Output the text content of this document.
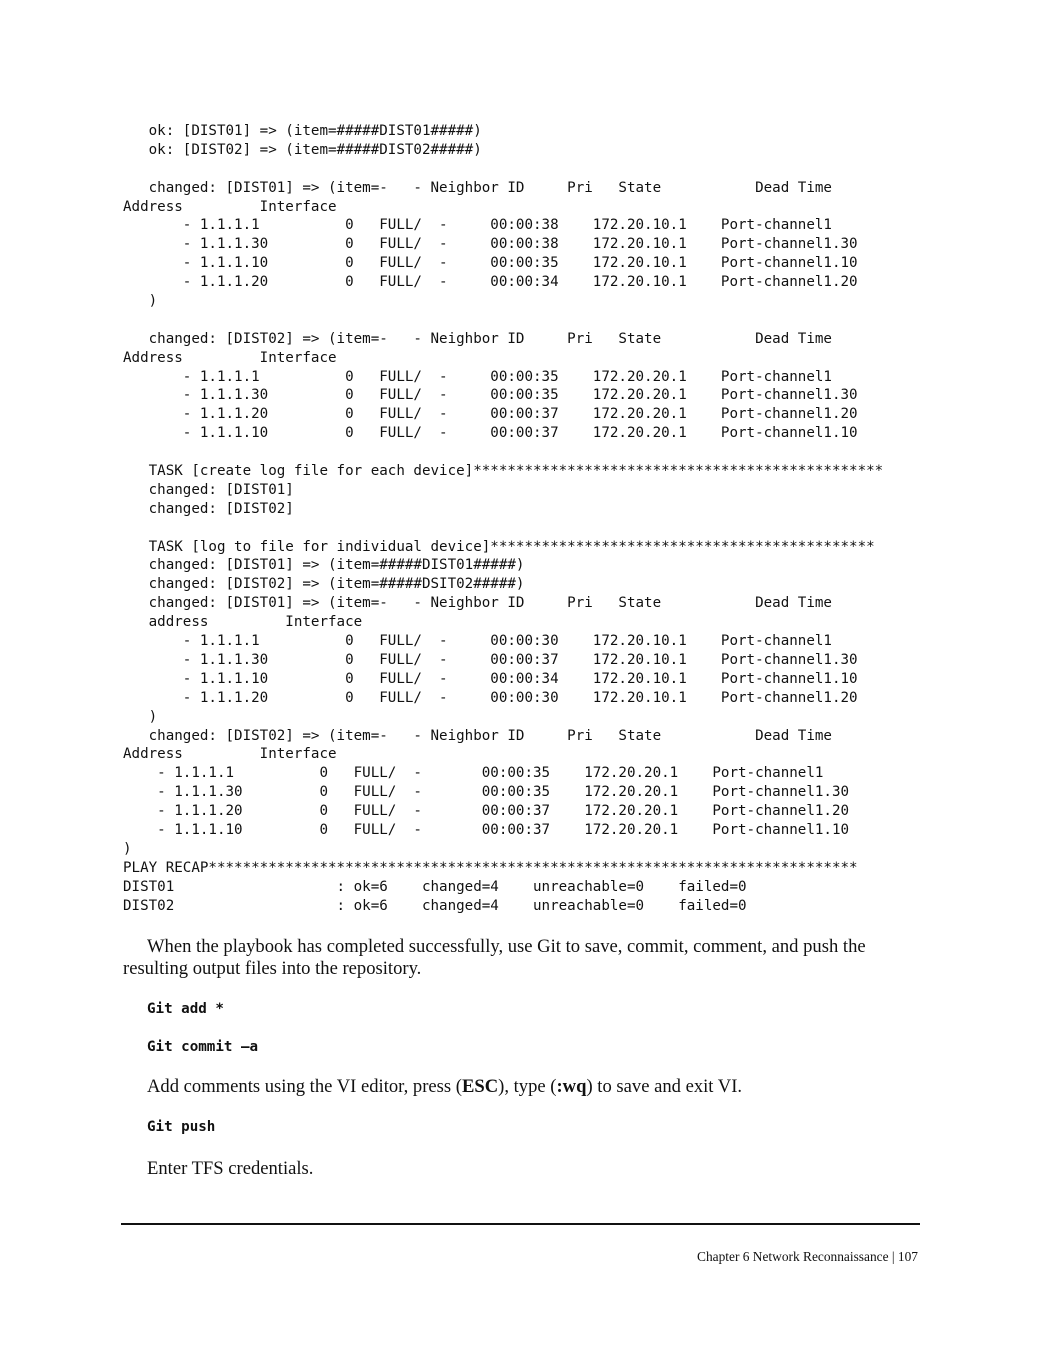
ok: [DIST01] => (item=#####DIST01#####)
ok: [DIST02] => (item=#####DIST02#####)
changed: [DIST01] => (item=-   - Neighbor ID     Pri   State           Dead Time
Address         Interface
- 1.1.1.1          0   FULL/  -     00:00:38    172.20.10.1    Port-channel1
- 1.1.1.30         0   FULL/  -     00:00:38    172.20.10.1    Port-channel1.30
- 1.1.1.10         0   FULL/  -     00:00:35    172.20.10.1    Port-channel1.10
- 1.1.1.20         0   FULL/  -     00:00:34    172.20.10.1    Port-channel1.20
)
changed: [DIST02] => (item=-   - Neighbor ID     Pri   State           Dead Time
Address         Interface
- 1.1.1.1          0   FULL/  -     00:00:35    172.20.20.1    Port-channel1
- 1.1.1.30         0   FULL/  -     00:00:35    172.20.20.1    Port-channel1.30
- 1.1.1.20         0   FULL/  -     00:00:37    172.20.20.1    Port-channel1.20
- 1.1.1.10         0   FULL/  -     00:00:37    172.20.20.1    Port-channel1.10
TASK [create log file for each device]************************************************
changed: [DIST01]
changed: [DIST02]
TASK [log to file for individual device]*********************************************
changed: [DIST01] => (item=#####DIST01#####)
changed: [DIST02] => (item=#####DSIT02#####)
changed: [DIST01] => (item=-   - Neighbor ID     Pri   State           Dead Time
address         Interface
- 1.1.1.1          0   FULL/  -     00:00:30    172.20.10.1    Port-channel1
- 1.1.1.30         0   FULL/  -     00:00:37    172.20.10.1    Port-channel1.30
- 1.1.1.10         0   FULL/  -     00:00:34    172.20.10.1    Port-channel1.10
- 1.1.1.20         0   FULL/  -     00:00:30    172.20.10.1    Port-channel1.20
)
changed: [DIST02] => (item=-   - Neighbor ID     Pri   State           Dead Time
Address         Interface
- 1.1.1.1          0   FULL/  -       00:00:35    172.20.20.1    Port-channel1
- 1.1.1.30         0   FULL/  -       00:00:35    172.20.20.1    Port-channel1.30
- 1.1.1.20         0   FULL/  -       00:00:37    172.20.20.1    Port-channel1.20
- 1.1.1.10         0   FULL/  -       00:00:37    172.20.20.1    Port-channel1.10
)
PLAY RECAP****************************************************************************
DIST01                   : ok=6    changed=4    unreachable=0    failed=0
DIST02                   : ok=6    changed=4    unreachable=0    failed=0

When the playbook has completed successfully, use Git to save, commit, comment, and push the resulting output files into the repository.

Git add *
Git commit –a

Add comments using the VI editor, press (ESC), type (:wq) to save and exit VI.

Git push

Enter TFS credentials.

Chapter 6 Network Reconnaissance | 107
